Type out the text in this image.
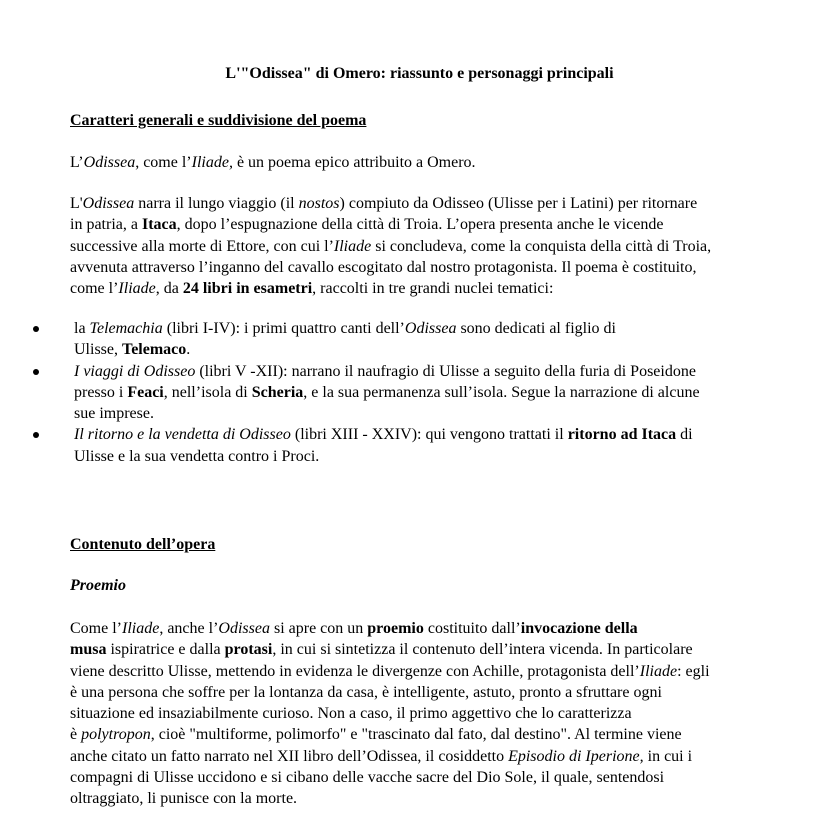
L'"Odissea" di Omero: riassunto e personaggi principali
Caratteri generali e suddivisione del poema

L’Odissea, come l’Iliade, è un poema epico attribuito a Omero.

L'Odissea narra il lungo viaggio (il nostos) compiuto da Odisseo (Ulisse per i Latini) per ritornare
in patria, a Itaca, dopo l’espugnazione della città di Troia. L’opera presenta anche le vicende
successive alla morte di Ettore, con cui l’Iliade si concludeva, come la conquista della città di Troia,
avvenuta attraverso l’inganno del cavallo escogitato dal nostro protagonista. Il poema è costituito,
come l’Iliade, da 24 libri in esametri, raccolti in tre grandi nuclei tematici:

la Telemachia (libri I-IV): i primi quattro canti dell’Odissea sono dedicati al figlio di
Ulisse, Telemaco.
I viaggi di Odisseo (libri V -XII): narrano il naufragio di Ulisse a seguito della furia di Poseidone
presso i Feaci, nell’isola di Scheria, e la sua permanenza sull’isola. Segue la narrazione di alcune
sue imprese.
Il ritorno e la vendetta di Odisseo (libri XIII - XXIV): qui vengono trattati il ritorno ad Itaca di
Ulisse e la sua vendetta contro i Proci.
Contenuto dell’opera
Proemio

Come l’Iliade, anche l’Odissea si apre con un proemio costituito dall’invocazione della
musa ispiratrice e dalla protasi, in cui si sintetizza il contenuto dell’intera vicenda. In particolare
viene descritto Ulisse, mettendo in evidenza le divergenze con Achille, protagonista dell’Iliade: egli
è una persona che soffre per la lontanza da casa, è intelligente, astuto, pronto a sfruttare ogni
situazione ed insaziabilmente curioso. Non a caso, il primo aggettivo che lo caratterizza
è polytropon, cioè "multiforme, polimorfo" e "trascinato dal fato, dal destino". Al termine viene
anche citato un fatto narrato nel XII libro dell’Odissea, il cosiddetto Episodio di Iperione, in cui i
compagni di Ulisse uccidono e si cibano delle vacche sacre del Dio Sole, il quale, sentendosi
oltraggiato, li punisce con la morte.
